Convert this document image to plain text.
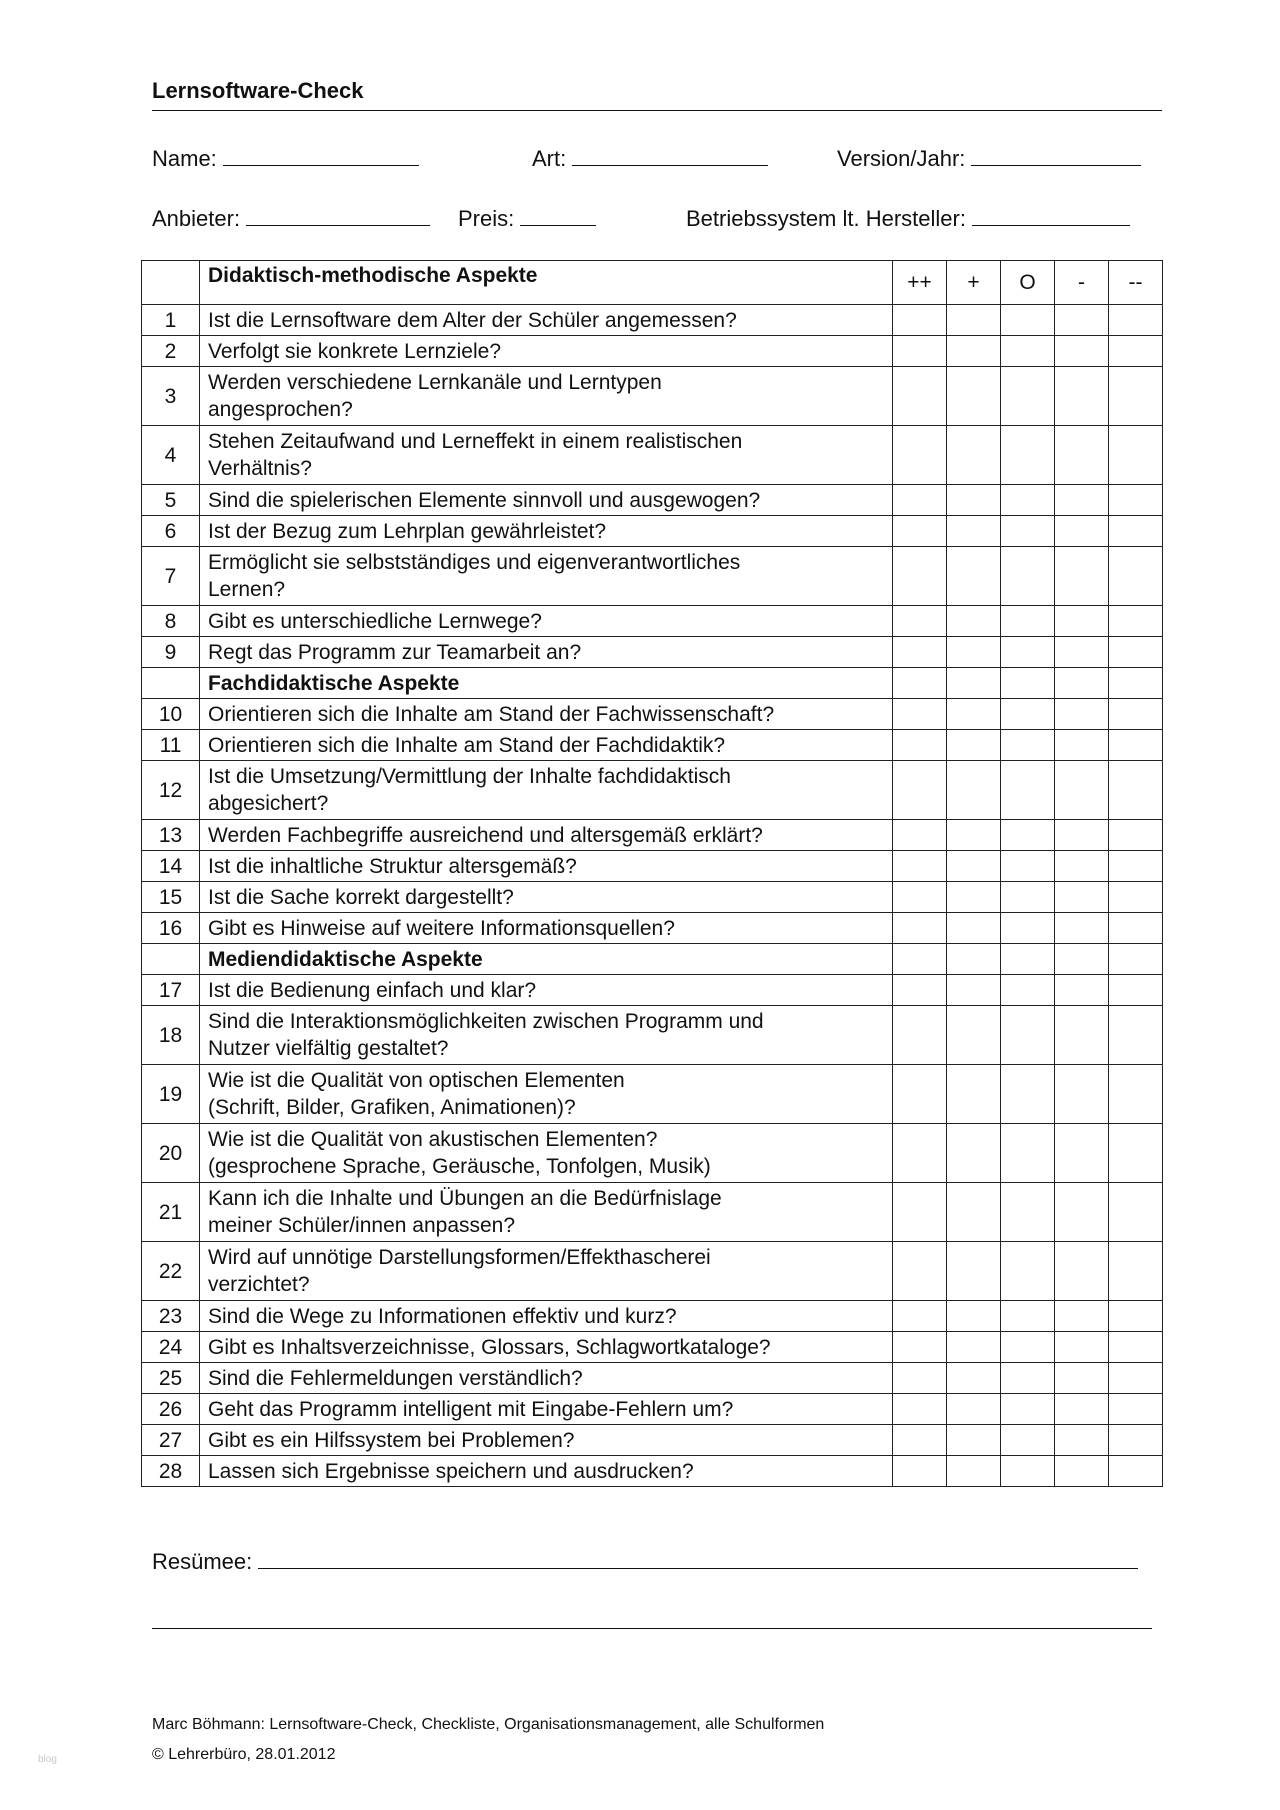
Lernsoftware-Check
Name:	Art:	Version/Jahr:
Anbieter:	Preis:	Betriebssystem lt. Hersteller:
	Didaktisch-methodische Aspekte	++	+	O	-	--
1	Ist die Lernsoftware dem Alter der Schüler angemessen?					

2	Verfolgt sie konkrete Lernziele?					

3	Werden verschiedene Lernkanäle und Lerntypen
angesprochen?					

4	Stehen Zeitaufwand und Lerneffekt in einem realistischen
Verhältnis?					

5	Sind die spielerischen Elemente sinnvoll und ausgewogen?					

6	Ist der Bezug zum Lehrplan gewährleistet?					

7	Ermöglicht sie selbstständiges und eigenverantwortliches
Lernen?					

8	Gibt es unterschiedliche Lernwege?					

9	Regt das Programm zur Teamarbeit an?					

	Fachdidaktische Aspekte					
10	Orientieren sich die Inhalte am Stand der Fachwissenschaft?					

11	Orientieren sich die Inhalte am Stand der Fachdidaktik?					

12	Ist die Umsetzung/Vermittlung der Inhalte fachdidaktisch
abgesichert?					

13	Werden Fachbegriffe ausreichend und altersgemäß erklärt?					

14	Ist die inhaltliche Struktur altersgemäß?					

15	Ist die Sache korrekt dargestellt?					

16	Gibt es Hinweise auf weitere Informationsquellen?					

	Mediendidaktische Aspekte					
17	Ist die Bedienung einfach und klar?					

18	Sind die Interaktionsmöglichkeiten zwischen Programm und
Nutzer vielfältig gestaltet?					

19	Wie ist die Qualität von optischen Elementen
(Schrift, Bilder, Grafiken, Animationen)?					

20	Wie ist die Qualität von akustischen Elementen?
(gesprochene Sprache, Geräusche, Tonfolgen, Musik)					

21	Kann ich die Inhalte und Übungen an die Bedürfnislage
meiner Schüler/innen anpassen?					

22	Wird auf unnötige Darstellungsformen/Effekthascherei
verzichtet?					

23	Sind die Wege zu Informationen effektiv und kurz?					

24	Gibt es Inhaltsverzeichnisse, Glossars, Schlagwortkataloge?					

25	Sind die Fehlermeldungen verständlich?					

26	Geht das Programm intelligent mit Eingabe-Fehlern um?					

27	Gibt es ein Hilfssystem bei Problemen?					

28	Lassen sich Ergebnisse speichern und ausdrucken?					

Resümee:
Marc Böhmann: Lernsoftware-Check, Checkliste, Organisationsmanagement, alle Schulformen
© Lehrerbüro, 28.01.2012
blog
